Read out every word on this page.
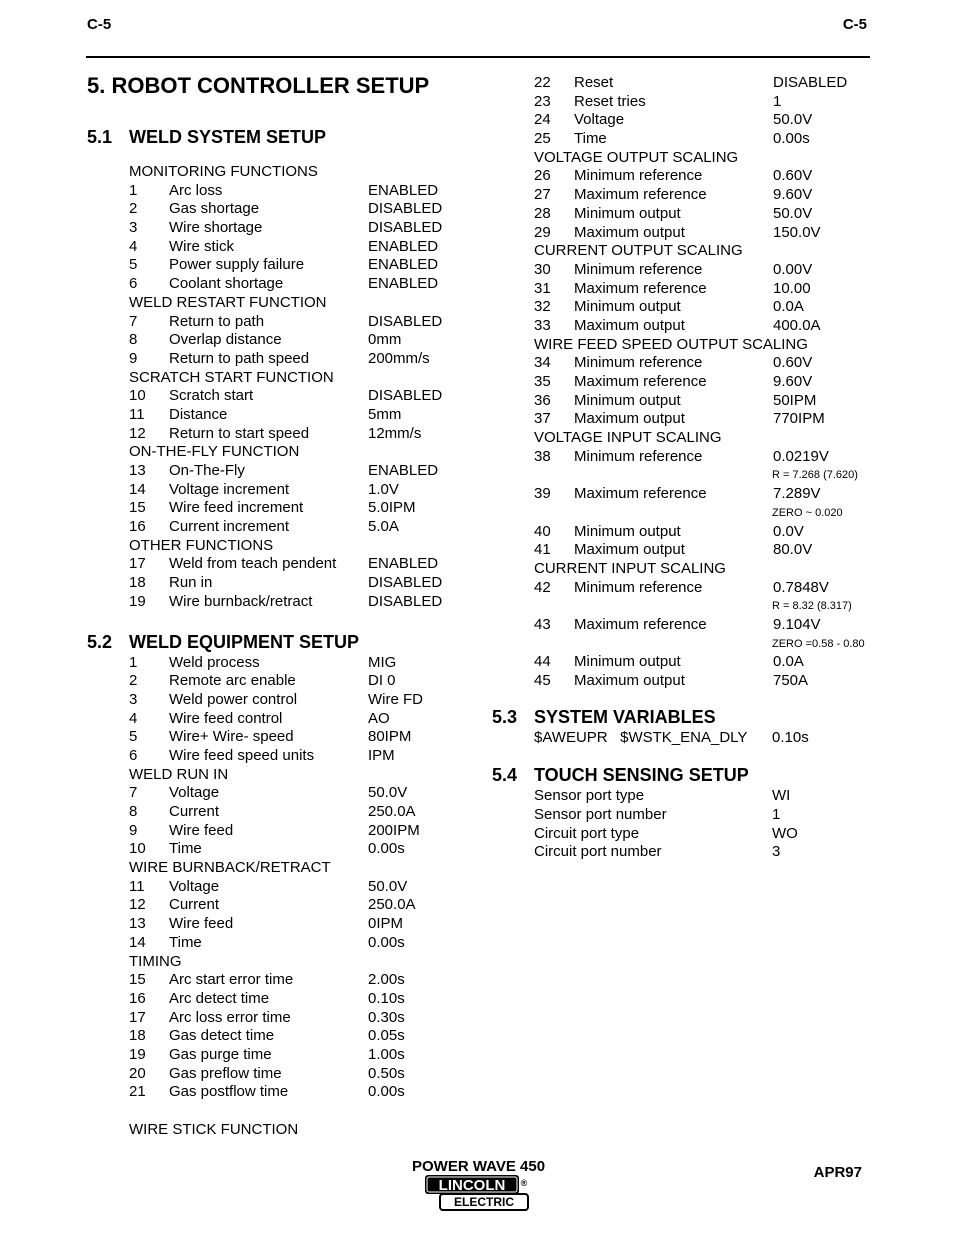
C-5	C-5
5. ROBOT CONTROLLER SETUP
5.1 WELD SYSTEM SETUP
MONITORING FUNCTIONS
1	Arc loss	ENABLED
2	Gas shortage	DISABLED
3	Wire shortage	DISABLED
4	Wire stick	ENABLED
5	Power supply failure	ENABLED
6	Coolant shortage	ENABLED
WELD RESTART FUNCTION
7	Return to path	DISABLED
8	Overlap distance	0mm
9	Return to path speed	200mm/s
SCRATCH START FUNCTION
10	Scratch start	DISABLED
11	Distance	5mm
12	Return to start speed	12mm/s
ON-THE-FLY FUNCTION
13	On-The-Fly	ENABLED
14	Voltage increment	1.0V
15	Wire feed increment	5.0IPM
16	Current increment	5.0A
OTHER FUNCTIONS
17	Weld from teach pendent	ENABLED
18	Run in	DISABLED
19	Wire burnback/retract	DISABLED
5.2 WELD EQUIPMENT SETUP
1	Weld process	MIG
2	Remote arc enable	DI 0
3	Weld power control	Wire FD
4	Wire feed control	AO
5	Wire+ Wire- speed	80IPM
6	Wire feed speed units	IPM
WELD RUN IN
7	Voltage	50.0V
8	Current	250.0A
9	Wire feed	200IPM
10	Time	0.00s
WIRE BURNBACK/RETRACT
11	Voltage	50.0V
12	Current	250.0A
13	Wire feed	0IPM
14	Time	0.00s
TIMING
15	Arc start error time	2.00s
16	Arc detect time	0.10s
17	Arc loss error time	0.30s
18	Gas detect time	0.05s
19	Gas purge time	1.00s
20	Gas preflow time	0.50s
21	Gas postflow time	0.00s
WIRE STICK FUNCTION
22	Reset	DISABLED
23	Reset tries	1
24	Voltage	50.0V
25	Time	0.00s
VOLTAGE OUTPUT SCALING
26	Minimum reference	0.60V
27	Maximum reference	9.60V
28	Minimum output	50.0V
29	Maximum output	150.0V
CURRENT OUTPUT SCALING
30	Minimum reference	0.00V
31	Maximum reference	10.00
32	Minimum output	0.0A
33	Maximum output	400.0A
WIRE FEED SPEED OUTPUT SCALING
34	Minimum reference	0.60V
35	Maximum reference	9.60V
36	Minimum output	50IPM
37	Maximum output	770IPM
VOLTAGE INPUT SCALING
38	Minimum reference	0.0219V
R = 7.268 (7.620)
39	Maximum reference	7.289V
ZERO ~ 0.020
40	Minimum output	0.0V
41	Maximum output	80.0V
CURRENT INPUT SCALING
42	Minimum reference	0.7848V
R = 8.32 (8.317)
43	Maximum reference	9.104V
ZERO =0.58 - 0.80
44	Minimum output	0.0A
45	Maximum output	750A
5.3 SYSTEM VARIABLES
$AWEUPR   $WSTK_ENA_DLY	0.10s
5.4 TOUCH SENSING SETUP
Sensor port type	WI
Sensor port number	1
Circuit port type	WO
Circuit port number	3
POWER WAVE 450	APR97
LINCOLN ®
ELECTRIC
